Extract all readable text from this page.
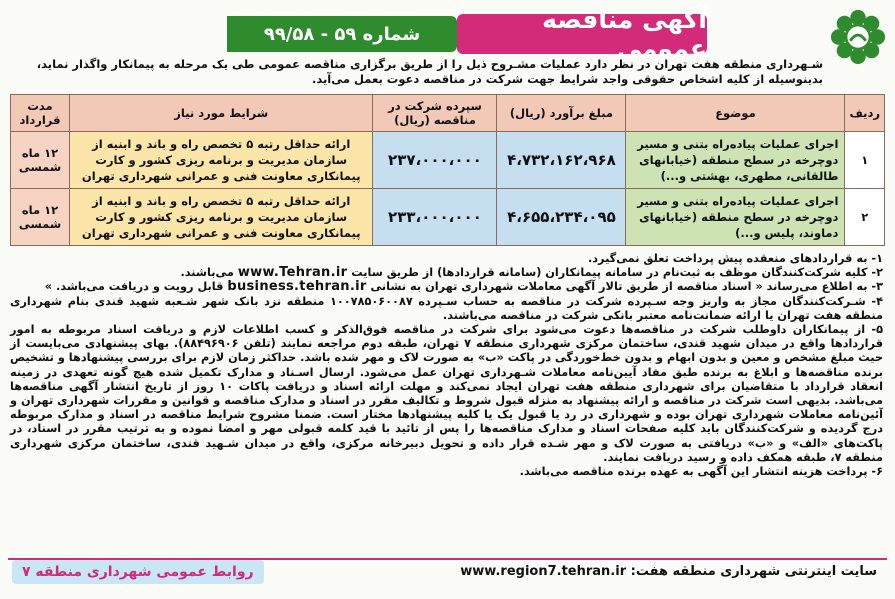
آگهی مناقصه عمومی
شماره ۵۹ - ۹۹/۵۸
شـهرداری منطقه هفت تهران در نظر دارد عملیات مشـروح ذیل را از طریق برگزاری مناقصه عمومی طی یک مرحله به پیمانکار واگذار نماید، بدینوسیله از کلیه اشخاص حقوقی واجد شرایط جهت شرکت در مناقصه دعوت بعمل می‌آید.
ردیف	موضوع	مبلغ برآورد (ریال)	سپرده شرکت در مناقصه (ریال)	شرایط مورد نیاز	مدت قرارداد
۱	اجرای عملیات پیاده‌راه بتنی و مسیر دوچرخه در سطح منطقه (خیابانهای طالقانی، مطهری، بهشتی و...)	۴،۷۳۲،۱۶۲،۹۶۸	۲۳۷،۰۰۰،۰۰۰	ارائه حداقل رتبه ۵ تخصص راه و باند و ابنیه از سازمان مدیریت و برنامه ریزی کشور و کارت پیمانکاری معاونت فنی و عمرانی شهرداری تهران	۱۲ ماه شمسی
۲	اجرای عملیات پیاده‌راه بتنی و مسیر دوچرخه در سطح منطقه (خیابانهای دماوند، پلیس و...)	۴،۶۵۵،۲۳۴،۰۹۵	۲۳۳،۰۰۰،۰۰۰	ارائه حداقل رتبه ۵ تخصص راه و باند و ابنیه از سازمان مدیریت و برنامه ریزی کشور و کارت پیمانکاری معاونت فنی و عمرانی شهرداری تهران	۱۲ ماه شمسی

۱- به قراردادهای منعقده پیش پرداخت تعلق نمی‌گیرد.

۲- کلیه شرکت‌کنندگان موظف به ثبت‌نام در سامانه پیمانکاران (سامانه قراردادها) از طریق سایت www.Tehran.ir می‌باشند.

۳- به اطلاع می‌رساند « اسناد مناقصه از طریق تالار آگهی معاملات شهرداری تهران به نشانی business.tehran.ir قابل رویت و دریافت می‌باشد. »

۴- شـرکت‌کنندگان مجاز به واریز وجه سـپرده شرکت در مناقصه به حساب سـپرده ۱۰۰۷۸۵۰۶۰۰۸۷ منطقه نزد بانک شهر شـعبه شهید قندی بنام شهرداری منطقه هفت تهران یا ارائه ضمانت‌نامه معتبر بانکی شرکت در مناقصه می‌باشند.

۵- از پیمانکاران داوطلب شرکت در مناقصه‌ها دعوت می‌شود برای شرکت در مناقصه فوق‌الذکر و کسب اطلاعات لازم و دریافت اسناد مربوطه به امور قراردادها واقع در میدان شهید قندی، ساختمان مرکزی شهرداری منطقه ۷ تهران، طبقه دوم مراجعه نمایند (تلفن ۸۸۴۹۶۹۰۶). بهای پیشنهادی می‌بایست از حیث مبلغ مشخص و معین و بدون ابهام و بدون خط‌خوردگی در پاکت «ب» به صورت لاک و مهر شده باشد. حداکثر زمان لازم برای بررسی پیشنهادها و تشخیص برنده مناقصه‌ها و ابلاغ به برنده طبق مفاد آیین‌نامه معاملات شـهرداری تهران عمل می‌شود. ارسال اسـناد و مدارک تکمیل شده هیچ گونه تعهدی در زمینه انعقاد قرارداد با متقاضیان برای شهرداری منطقه هفت تهران ایجاد نمی‌کند و مهلت ارائه اسناد و دریافت پاکات ۱۰ روز از تاریخ انتشار آگهی مناقصه‌ها می‌باشد. بدیهی است شرکت در مناقصه و ارائه پیشنهاد به منزله قبول شروط و تکالیف مقرر در اسناد و مدارک مناقصه و قوانین و مقررات شهرداری تهران و آئین‌نامه معاملات شهرداری تهران بوده و شهرداری در رد یا قبول یک یا کلیه پیشنهادها مختار است. ضمنا مشروح شرایط مناقصه در اسناد و مدارک مربوطه درج گردیده و شرکت‌کنندگان باید کلیه صفحات اسناد و مدارک مناقصه‌ها را پس از تائید با قید کلمه قبولی مهر و امضا نموده و به ترتیب مقرر در اسناد، در پاکت‌های «الف» و «ب» دریافتی به صورت لاک و مهر شـده قرار داده و تحویل دبیرخانه مرکزی، واقع در میدان شـهید قندی، ساختمان مرکزی شهرداری منطقه ۷، طبقه همکف داده و رسید دریافت نمایند.

۶- پرداخت هزینه انتشار این آگهی به عهده برنده مناقصه می‌باشد.

سایت اینترنتی شهرداری منطقه هفت: www.region7.tehran.ir
روابط عمومی شهرداری منطقه ۷
